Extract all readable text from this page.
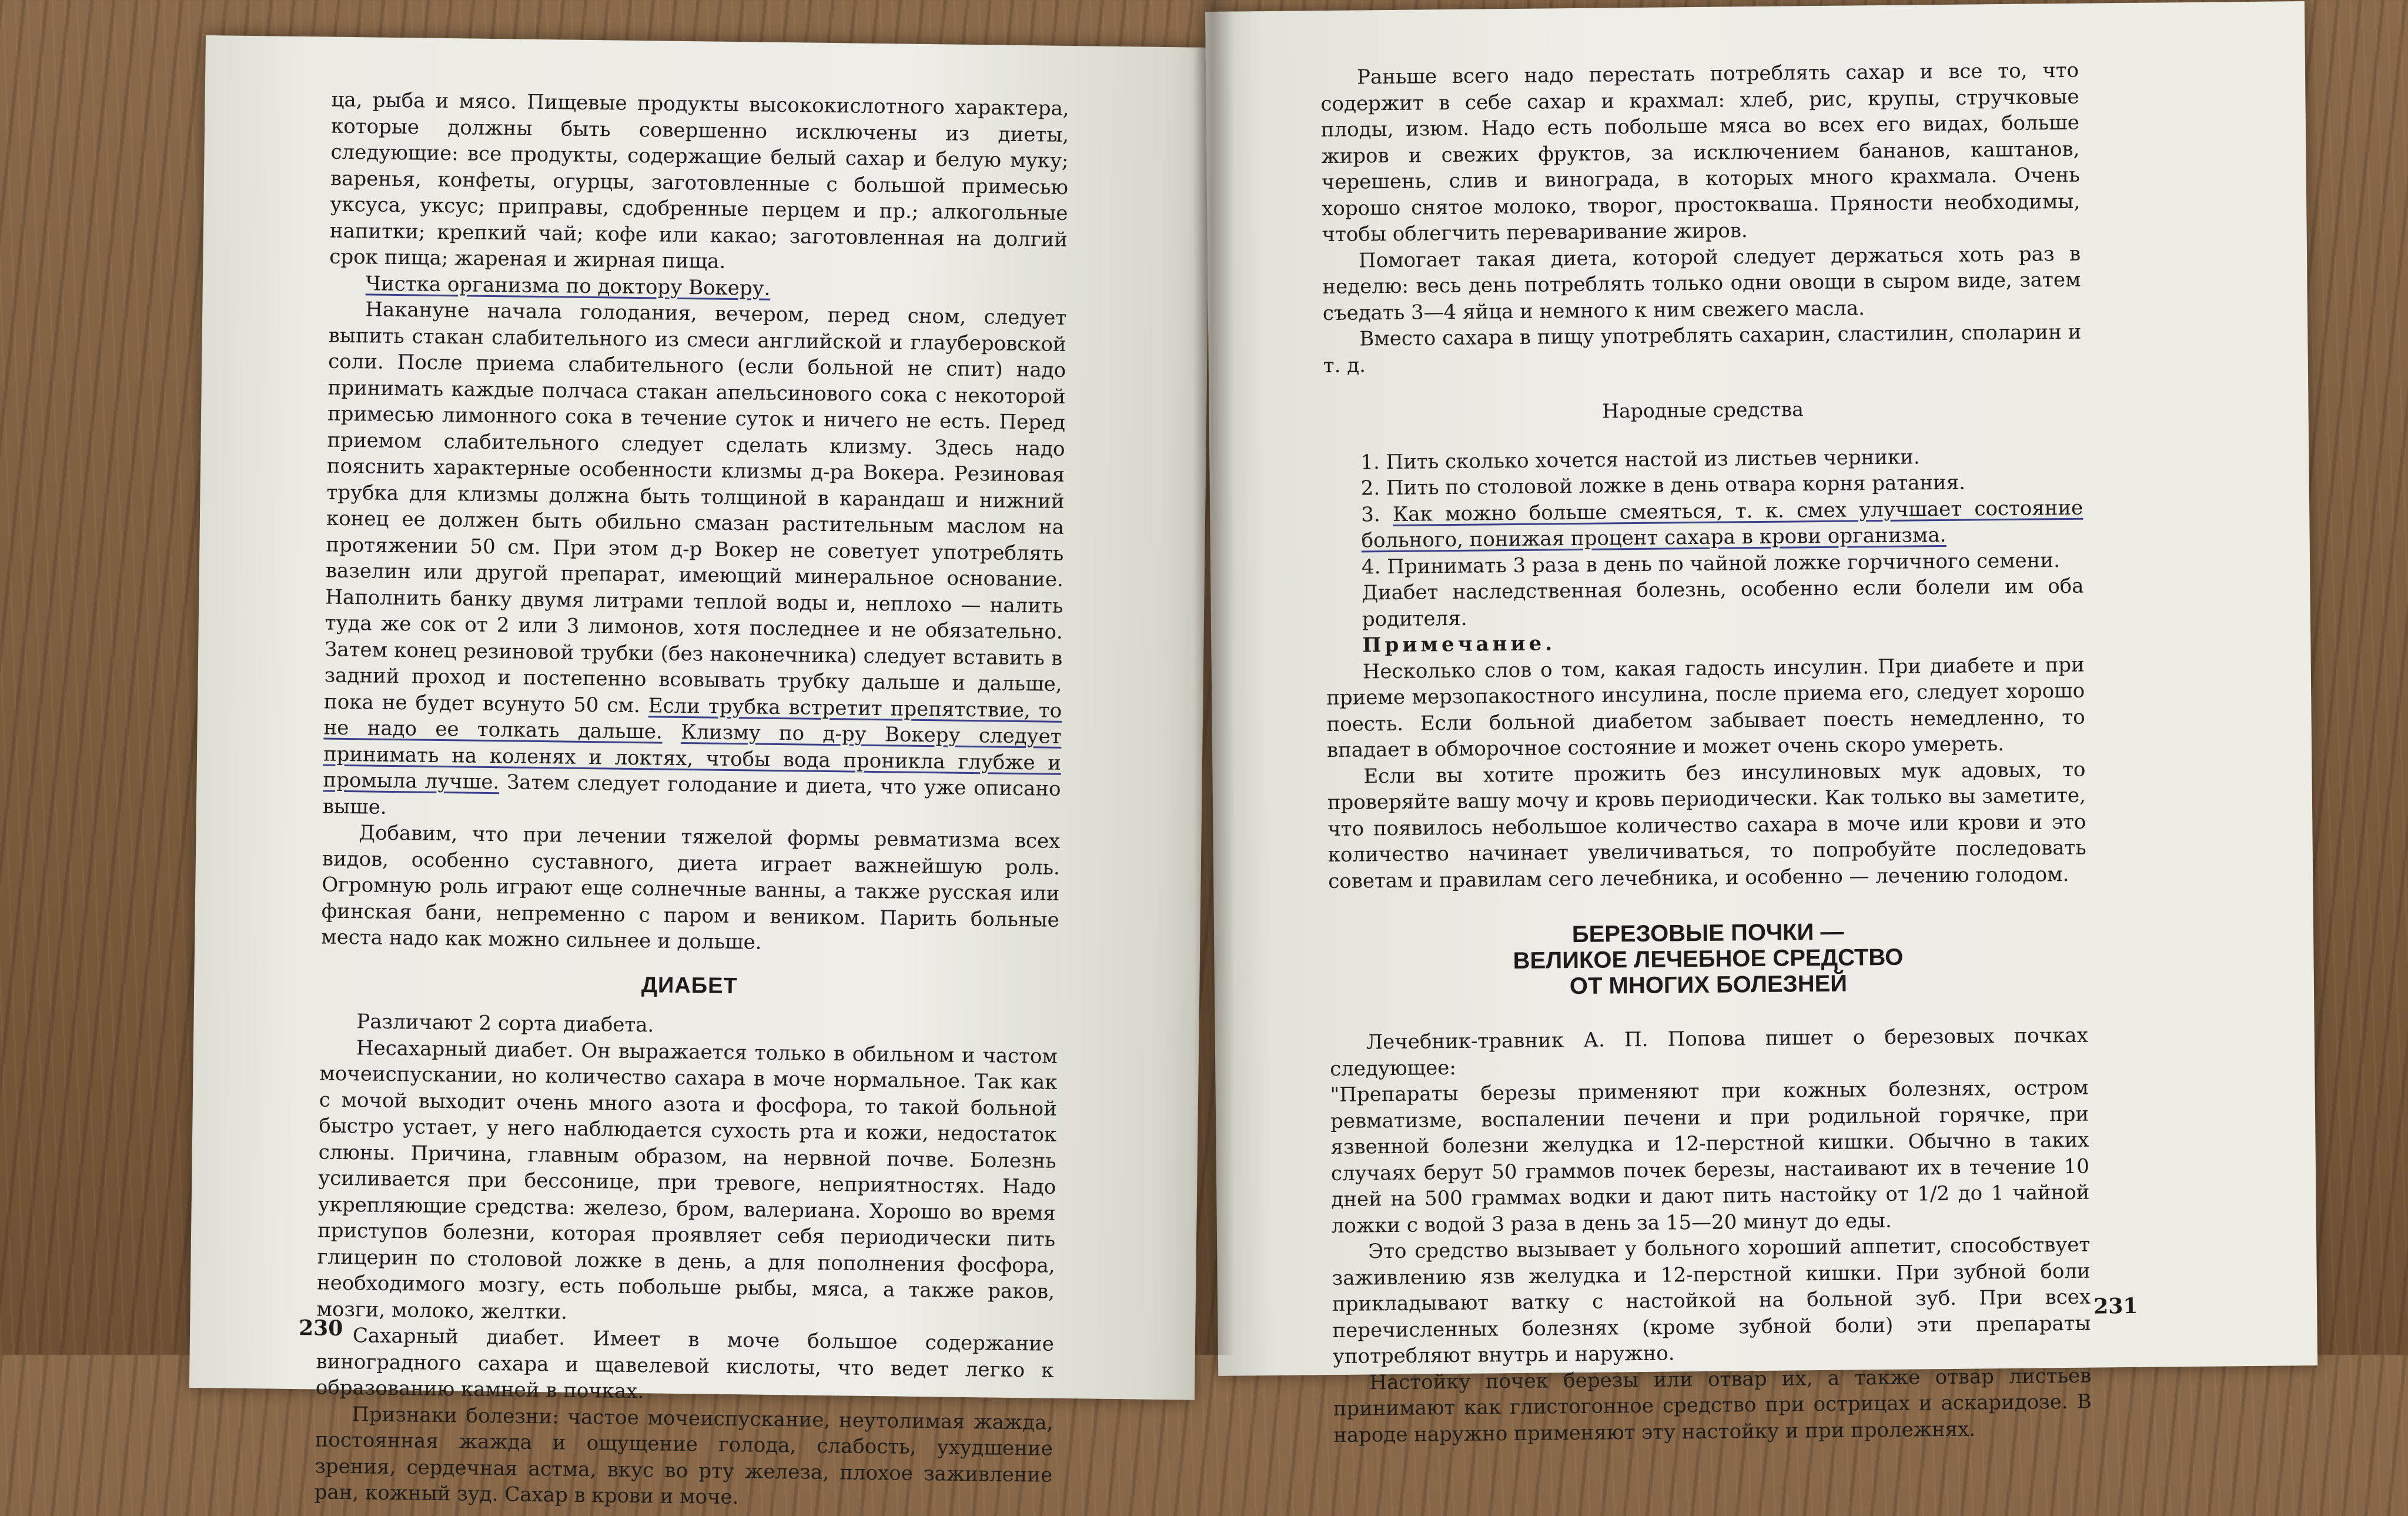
ца, рыба и мясо. Пищевые продукты высококислотного характера, которые должны быть совершенно исключены из диеты, следующие: все продукты, содержащие белый сахар и белую муку; варенья, конфеты, огурцы, заготовленные с большой примесью уксуса, уксус; приправы, сдобренные перцем и пр.; алкогольные напитки; крепкий чай; кофе или какао; заготовленная на долгий срок пища; жареная и жирная пища.

Чистка организма по доктору Вокеру.

Накануне начала голодания, вечером, перед сном, следует выпить стакан слабительного из смеси английской и глауберовской соли. После приема слабительного (если больной не спит) надо принимать каждые полчаса стакан апельсинового сока с некоторой примесью лимонного сока в течение суток и ничего не есть. Перед приемом слабительного следует сделать клизму. Здесь надо пояснить характерные особенности клизмы д-ра Вокера. Резиновая трубка для клизмы должна быть толщиной в карандаш и нижний конец ее должен быть обильно смазан растительным маслом на протяжении 50 см. При этом д-р Вокер не советует употреблять вазелин или другой препарат, имеющий минеральное основание. Наполнить банку двумя литрами теплой воды и, неплохо — налить туда же сок от 2 или 3 лимонов, хотя последнее и не обязательно. Затем конец резиновой трубки (без наконечника) следует вставить в задний проход и постепенно всовывать трубку дальше и дальше, пока не будет всунуто 50 см. Если трубка встретит препятствие, то не надо ее толкать дальше. Клизму по д-ру Вокеру следует принимать на коленях и локтях, чтобы вода проникла глубже и промыла лучше. Затем следует голодание и диета, что уже описано выше.

Добавим, что при лечении тяжелой формы ревматизма всех видов, особенно суставного, диета играет важнейшую роль. Огромную роль играют еще солнечные ванны, а также русская или финская бани, непременно с паром и веником. Парить больные места надо как можно сильнее и дольше.

ДИАБЕТ

Различают 2 сорта диабета.

Несахарный диабет. Он выражается только в обильном и частом мочеиспускании, но количество сахара в моче нормальное. Так как с мочой выходит очень много азота и фосфора, то такой больной быстро устает, у него наблюдается сухость рта и кожи, недостаток слюны. Причина, главным образом, на нервной почве. Болезнь усиливается при бессонице, при тревоге, неприятностях. Надо укрепляющие средства: железо, бром, валериана. Хорошо во время приступов болезни, которая проявляет себя периодически пить глицерин по столовой ложке в день, а для пополнения фосфора, необходимого мозгу, есть побольше рыбы, мяса, а также раков, мозги, молоко, желтки.

Сахарный диабет. Имеет в моче большое содержание виноградного сахара и щавелевой кислоты, что ведет легко к образованию камней в почках.

Признаки болезни: частое мочеиспускание, неутолимая жажда, постоянная жажда и ощущение голода, слабость, ухудшение зрения, сердечная астма, вкус во рту железа, плохое заживление ран, кожный зуд. Сахар в крови и моче.

230

Раньше всего надо перестать потреблять сахар и все то, что содержит в себе сахар и крахмал: хлеб, рис, крупы, стручковые плоды, изюм. Надо есть побольше мяса во всех его видах, больше жиров и свежих фруктов, за исключением бананов, каштанов, черешень, слив и винограда, в которых много крахмала. Очень хорошо снятое молоко, творог, простокваша. Пряности необходимы, чтобы облегчить переваривание жиров.

Помогает такая диета, которой следует держаться хоть раз в неделю: весь день потреблять только одни овощи в сыром виде, затем съедать 3—4 яйца и немного к ним свежего масла.

Вместо сахара в пищу употреблять сахарин, сластилин, споларин и т. д.

Народные средства

1. Пить сколько хочется настой из листьев черники.

2. Пить по столовой ложке в день отвара корня ратания.

3. Как можно больше смеяться, т. к. смех улучшает состояние больного, понижая процент сахара в крови организма.

4. Принимать 3 раза в день по чайной ложке горчичного семени.

Диабет наследственная болезнь, особенно если болели им оба родителя.

Примечание.

Несколько слов о том, какая гадость инсулин. При диабете и при приеме мерзопакостного инсулина, после приема его, следует хорошо поесть. Если больной диабетом забывает поесть немедленно, то впадает в обморочное состояние и может очень скоро умереть.

Если вы хотите прожить без инсулиновых мук адовых, то проверяйте вашу мочу и кровь периодически. Как только вы заметите, что появилось небольшое количество сахара в моче или крови и это количество начинает увеличиваться, то попробуйте последовать советам и правилам сего лечебника, и особенно — лечению голодом.

БЕРЕЗОВЫЕ ПОЧКИ —
ВЕЛИКОЕ ЛЕЧЕБНОЕ СРЕДСТВО
ОТ МНОГИХ БОЛЕЗНЕЙ

Лечебник-травник А. П. Попова пишет о березовых почках следующее:

"Препараты березы применяют при кожных болезнях, остром ревматизме, воспалении печени и при родильной горячке, при язвенной болезни желудка и 12-перстной кишки. Обычно в таких случаях берут 50 граммов почек березы, настаивают их в течение 10 дней на 500 граммах водки и дают пить настойку от 1/2 до 1 чайной ложки с водой 3 раза в день за 15—20 минут до еды.

Это средство вызывает у больного хороший аппетит, способствует заживлению язв желудка и 12-перстной кишки. При зубной боли прикладывают ватку с настойкой на больной зуб. При всех перечисленных болезнях (кроме зубной боли) эти препараты употребляют внутрь и наружно.

Настойку почек березы или отвар их, а также отвар листьев принимают как глистогонное средство при острицах и аскаридозе. В народе наружно применяют эту настойку и при пролежнях.

231
